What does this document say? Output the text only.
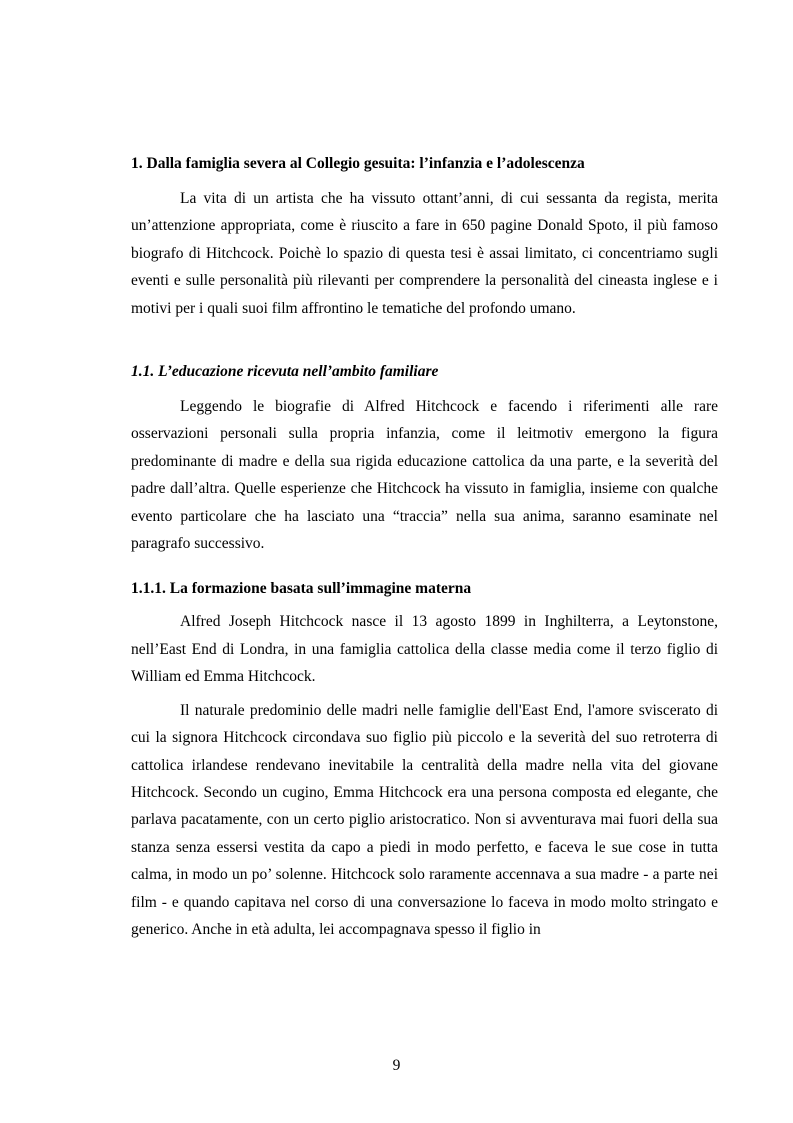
1. Dalla famiglia severa al Collegio gesuita: l’infanzia e l’adolescenza

La vita di un artista che ha vissuto ottant’anni, di cui sessanta da regista, merita un’attenzione appropriata, come è riuscito a fare in 650 pagine Donald Spoto, il più famoso biografo di Hitchcock. Poichè lo spazio di questa tesi è assai limitato, ci concentriamo sugli eventi e sulle personalità più rilevanti per comprendere la personalità del cineasta inglese e i motivi per i quali suoi film affrontino le tematiche del profondo umano.

1.1. L’educazione ricevuta nell’ambito familiare

Leggendo le biografie di Alfred Hitchcock e facendo i riferimenti alle rare osservazioni personali sulla propria infanzia, come il leitmotiv emergono la figura predominante di madre e della sua rigida educazione cattolica da una parte, e la severità del padre dall’altra. Quelle esperienze che Hitchcock ha vissuto in famiglia, insieme con qualche evento particolare che ha lasciato una “traccia” nella sua anima, saranno esaminate nel paragrafo successivo.

1.1.1. La formazione basata sull’immagine materna

Alfred Joseph Hitchcock nasce il 13 agosto 1899 in Inghilterra, a Leytonstone, nell’East End di Londra, in una famiglia cattolica della classe media come il terzo figlio di William ed Emma Hitchcock.

Il naturale predominio delle madri nelle famiglie dell'East End, l'amore sviscerato di cui la signora Hitchcock circondava suo figlio più piccolo e la severità del suo retroterra di cattolica irlandese rendevano inevitabile la centralità della madre nella vita del giovane Hitchcock. Secondo un cugino, Emma Hitchcock era una persona composta ed elegante, che parlava pacatamente, con un certo piglio aristocratico. Non si avventurava mai fuori della sua stanza senza essersi vestita da capo a piedi in modo perfetto, e faceva le sue cose in tutta calma, in modo un po’ solenne. Hitchcock solo raramente accennava a sua madre - a parte nei film - e quando capitava nel corso di una conversazione lo faceva in modo molto stringato e generico. Anche in età adulta, lei accompagnava spesso il figlio in

9
